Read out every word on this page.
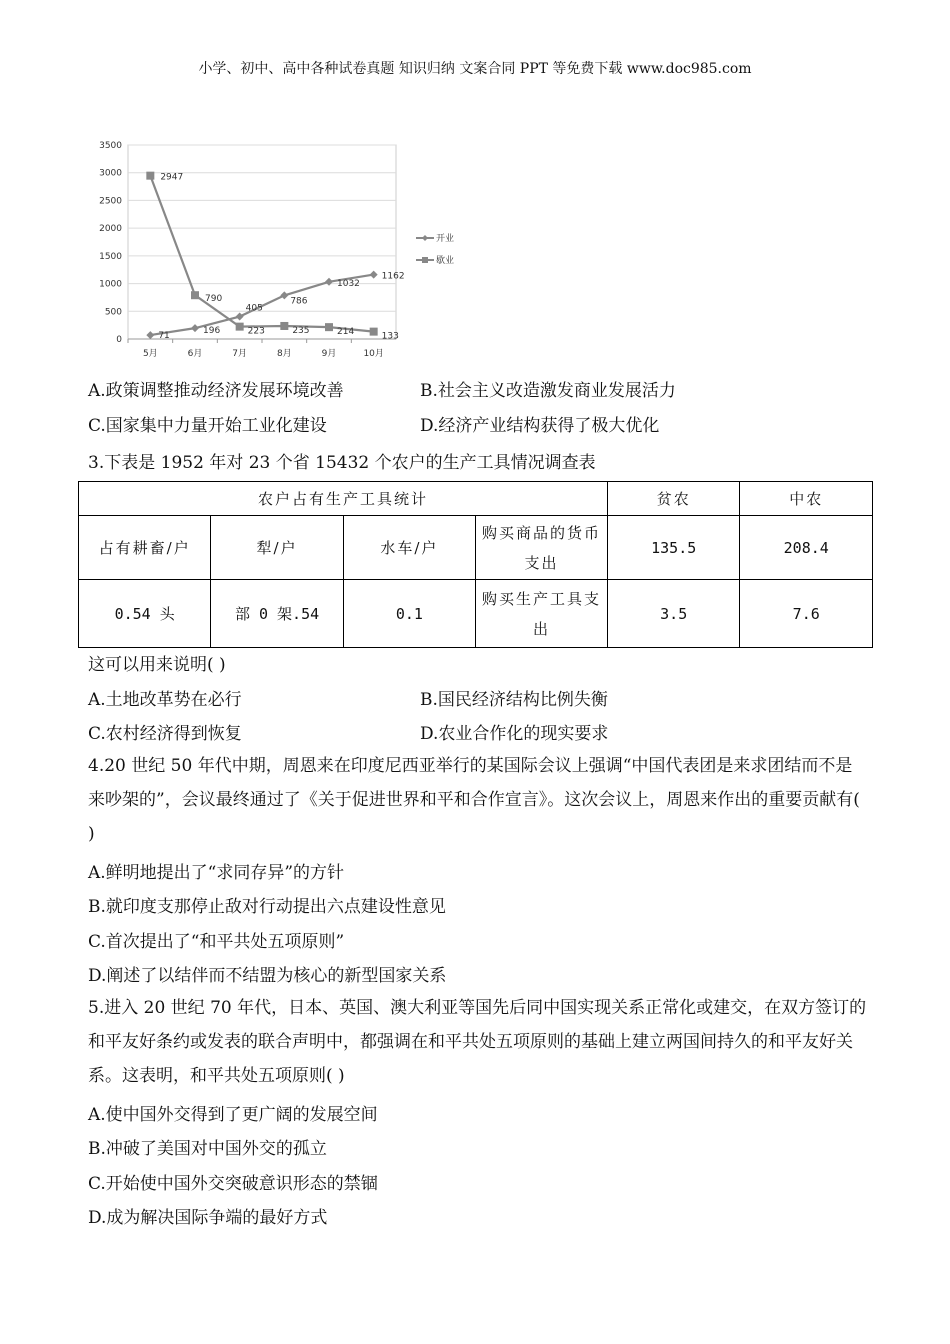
小学、初中、高中各种试卷真题 知识归纳 文案合同 PPT 等免费下载 www.doc985.com
0
500
1000
1500
2000
2500
3000
3500
5月	6月	7月	8月	9月	10月
71	196
405
786
1032
1162
2947
790
223	235	214	133
开业
歇业
A.政策调整推动经济发展环境改善	B.社会主义改造激发商业发展活力
C.国家集中力量开始工业化建设	D.经济产业结构获得了极大优化
3.下表是 1952 年对 23 个省 15432 个农户的生产工具情况调查表
农户占有生产工具统计				贫农	中农
占有耕畜/户	犁/户	水车/户	购买商品的货币支出	135.5	208.4
0.54 头	部 0 架.54	0.1	购买生产工具支出	3.5	7.6
这可以用来说明( )
A.土地改革势在必行	B.国民经济结构比例失衡
C.农村经济得到恢复	D.农业合作化的现实要求
4.20 世纪 50 年代中期，周恩来在印度尼西亚举行的某国际会议上强调“中国代表团是来求团结而不是来吵架的”，会议最终通过了《关于促进世界和平和合作宣言》。这次会议上，周恩来作出的重要贡献有( )
A.鲜明地提出了“求同存异”的方针
B.就印度支那停止敌对行动提出六点建设性意见
C.首次提出了“和平共处五项原则”
D.阐述了以结伴而不结盟为核心的新型国家关系
5.进入 20 世纪 70 年代，日本、英国、澳大利亚等国先后同中国实现关系正常化或建交，在双方签订的和平友好条约或发表的联合声明中，都强调在和平共处五项原则的基础上建立两国间持久的和平友好关系。这表明，和平共处五项原则( )
A.使中国外交得到了更广阔的发展空间
B.冲破了美国对中国外交的孤立
C.开始使中国外交突破意识形态的禁锢
D.成为解决国际争端的最好方式
